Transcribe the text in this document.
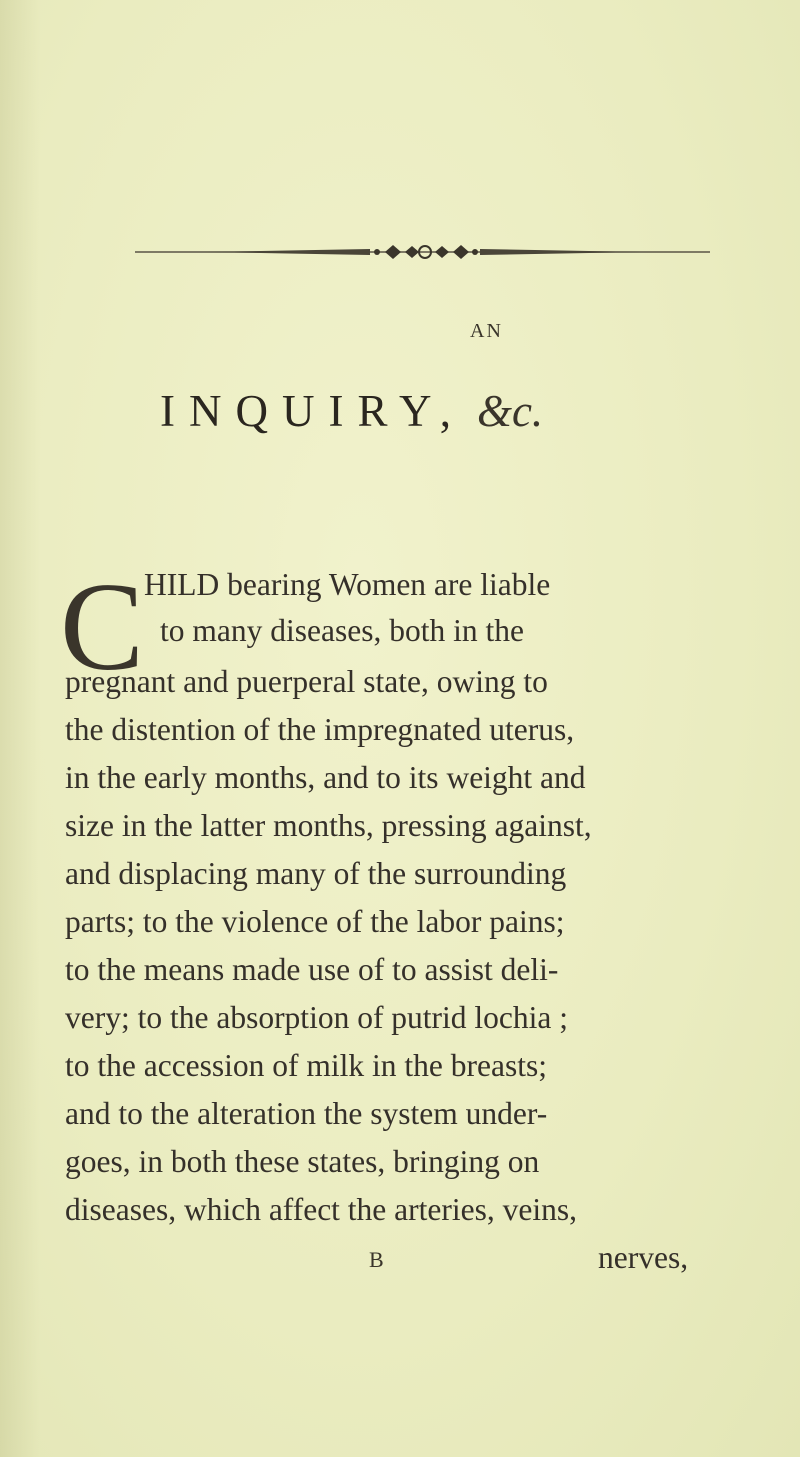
AN
INQUIRY, &c.
C HILD bearing Women are liable
to many diseases, both in the
pregnant and puerperal state, owing to
the distention of the impregnated uterus,
in the early months, and to its weight and
size in the latter months, pressing against,
and displacing many of the surrounding
parts; to the violence of the labor pains;
to the means made use of to assist deli-
very; to the absorption of putrid lochia ;
to the accession of milk in the breasts;
and to the alteration the system under-
goes, in both these states, bringing on
diseases, which affect the arteries, veins,
B	nerves,
